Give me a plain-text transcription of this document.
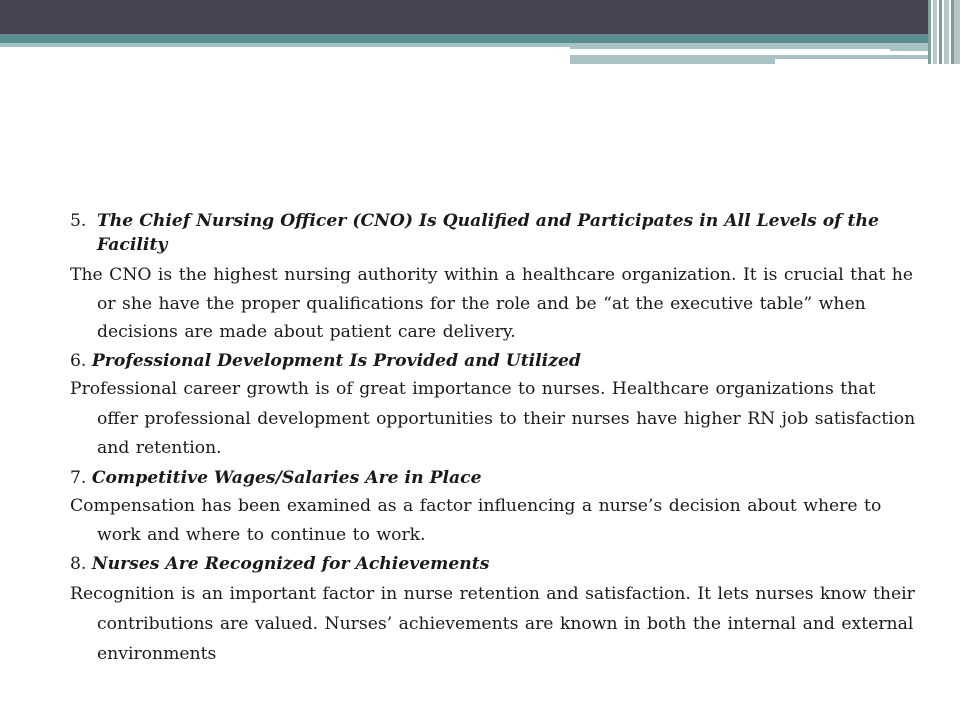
5. The Chief Nursing Officer (CNO) Is Qualified and Participates in All Levels of the Facility

The CNO is the highest nursing authority within a healthcare organization. It is crucial that he or she have the proper qualifications for the role and be “at the executive table” when decisions are made about patient care delivery.

6. Professional Development Is Provided and Utilized

Professional career growth is of great importance to nurses. Healthcare organizations that offer professional development opportunities to their nurses have higher RN job satisfaction and retention.

7. Competitive Wages/Salaries Are in Place

Compensation has been examined as a factor influencing a nurse’s decision about where to work and where to continue to work.

8. Nurses Are Recognized for Achievements

Recognition is an important factor in nurse retention and satisfaction. It lets nurses know their contributions are valued. Nurses’ achievements are known in both the internal and external environments
